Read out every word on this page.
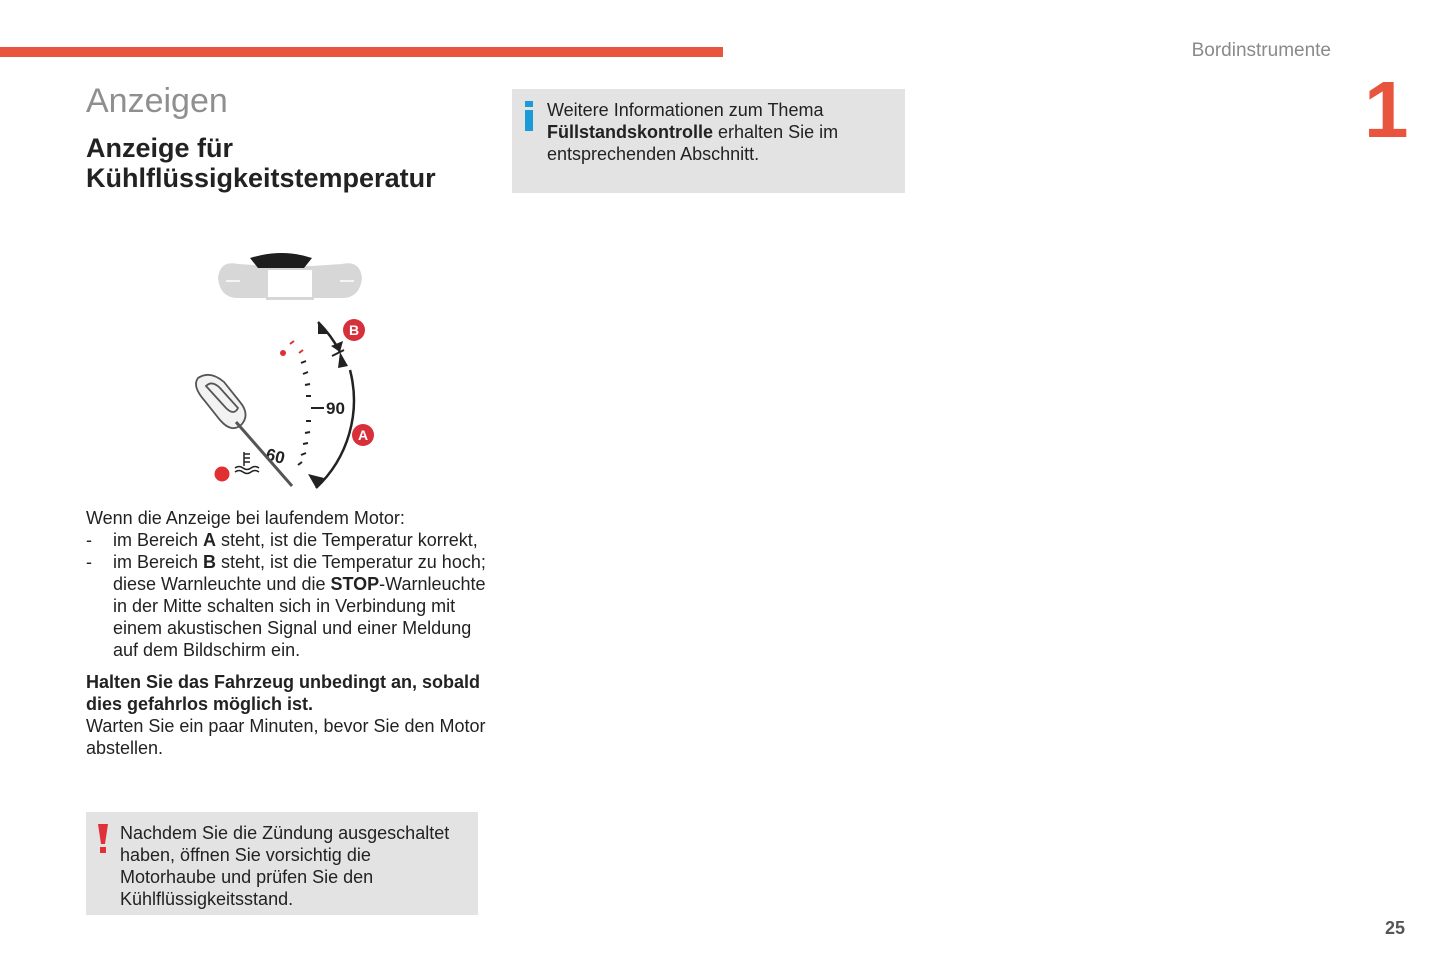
Bordinstrumente
1
Anzeigen
Anzeige für
Kühlflüssigkeitstemperatur
Weitere Informationen zum Thema Füllstandskontrolle erhalten Sie im entsprechenden Abschnitt.
90
60
B
A

Wenn die Anzeige bei laufendem Motor:

- im Bereich A steht, ist die Temperatur korrekt,
- im Bereich B steht, ist die Temperatur zu hoch; diese Warnleuchte und die STOP-Warnleuchte in der Mitte schalten sich in Verbindung mit einem akustischen Signal und einer Meldung auf dem Bildschirm ein.

Halten Sie das Fahrzeug unbedingt an, sobald dies gefahrlos möglich ist.

Warten Sie ein paar Minuten, bevor Sie den Motor abstellen.

Nachdem Sie die Zündung ausgeschaltet haben, öffnen Sie vorsichtig die Motorhaube und prüfen Sie den Kühlflüssigkeitsstand.
25
